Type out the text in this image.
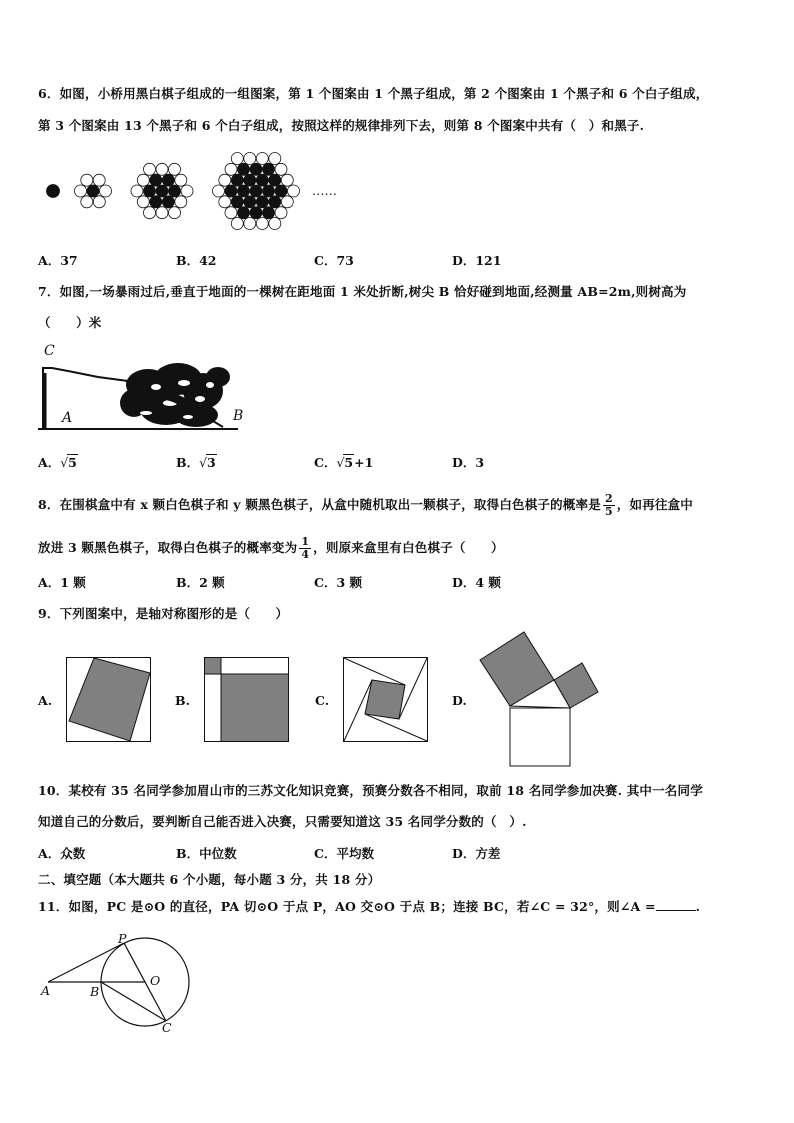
6．如图，小桥用黑白棋子组成的一组图案，第 1 个图案由 1 个黑子组成，第 2 个图案由 1 个黑子和 6 个白子组成，
第 3 个图案由 13 个黑子和 6 个白子组成，按照这样的规律排列下去，则第 8 个图案中共有（　）和黑子.
……
A．37	B．42	C．73	D．121
7．如图,一场暴雨过后,垂直于地面的一棵树在距地面 1 米处折断,树尖 B 恰好碰到地面,经测量 AB=2m,则树高为
（　　）米
C
A	B
A．√5	B．√3	C．√5+1	D．3
8．在围棋盒中有 x 颗白色棋子和 y 颗黑色棋子，从盒中随机取出一颗棋子，取得白色棋子的概率是 $\frac{2}{5}$ ，如再往盒中
放进 3 颗黑色棋子，取得白色棋子的概率变为 $\frac{1}{4}$ ，则原来盒里有白色棋子（　　）
A．1 颗	B．2 颗	C．3 颗	D．4 颗
9．下列图案中，是轴对称图形的是（　　）
A.	B.	C.	D.
10．某校有 35 名同学参加眉山市的三苏文化知识竞赛，预赛分数各不相同，取前 18 名同学参加决赛. 其中一名同学
知道自己的分数后，要判断自己能否进入决赛，只需要知道这 35 名同学分数的（　）.
A．众数	B．中位数	C．平均数	D．方差
二、填空题（本大题共 6 个小题，每小题 3 分，共 18 分）
11．如图，PC 是⊙O 的直径，PA 切⊙O 于点 P，AO 交⊙O 于点 B；连接 BC，若∠C = 32°，则∠A =	.
P
O
A	B
C
